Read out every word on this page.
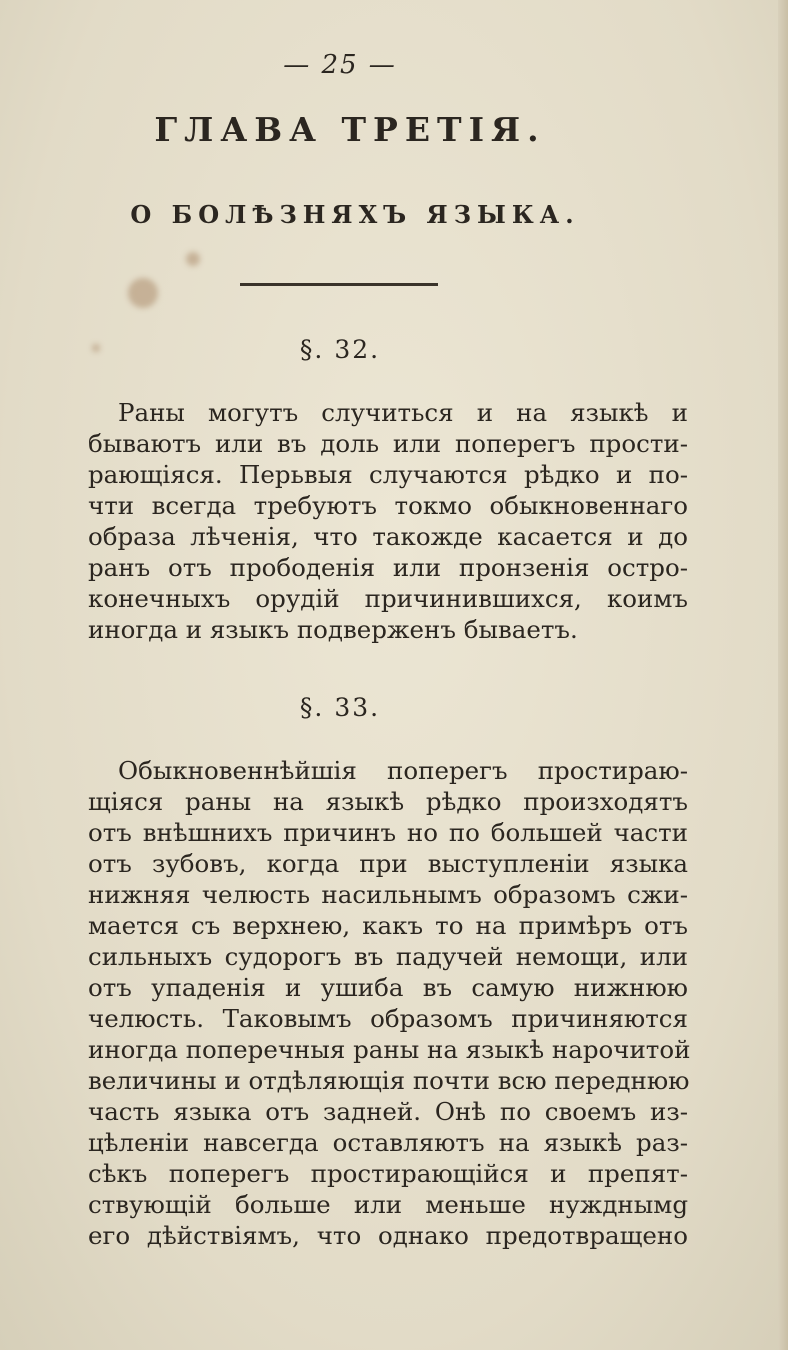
— 25 —
ГЛАВА ТРЕТІЯ.
О БОЛѢЗНЯХЪ ЯЗЫКА.
§. 32.

Раны могутъ случиться и на языкѣ и
бываютъ или въ доль или поперегъ прости-
рающіяся. Перьвыя случаются рѣдко и по-
чти всегда требуютъ токмо обыкновеннаго
образа лѣченія, что такожде касается и до
ранъ отъ прободенія или пронзенія остро-
конечныхъ орудій причинившихся, коимъ
иногда и языкъ подверженъ бываетъ.

§. 33.

Обыкновеннѣйшія поперегъ простираю-
щіяся раны на языкѣ рѣдко произходятъ
отъ внѣшнихъ причинъ но по большей части
отъ зубовъ, когда при выступленіи языка
нижняя челюсть насильнымъ образомъ сжи-
мается съ верхнею, какъ то на примѣръ отъ
сильныхъ судорогъ въ падучей немощи, или
отъ упаденія и ушиба въ самую нижнюю
челюсть. Таковымъ образомъ причиняются
иногда поперечныя раны на языкѣ нарочитой
величины и отдѣляющія почти всю переднюю
часть языка отъ задней. Онѣ по своемъ из-
цѣленіи навсегда оставляютъ на языкѣ раз-
сѣкъ поперегъ простирающійся и препят-
ствующій больше или меньше нужднымg
его дѣйствіямъ, что однако предотвращено
